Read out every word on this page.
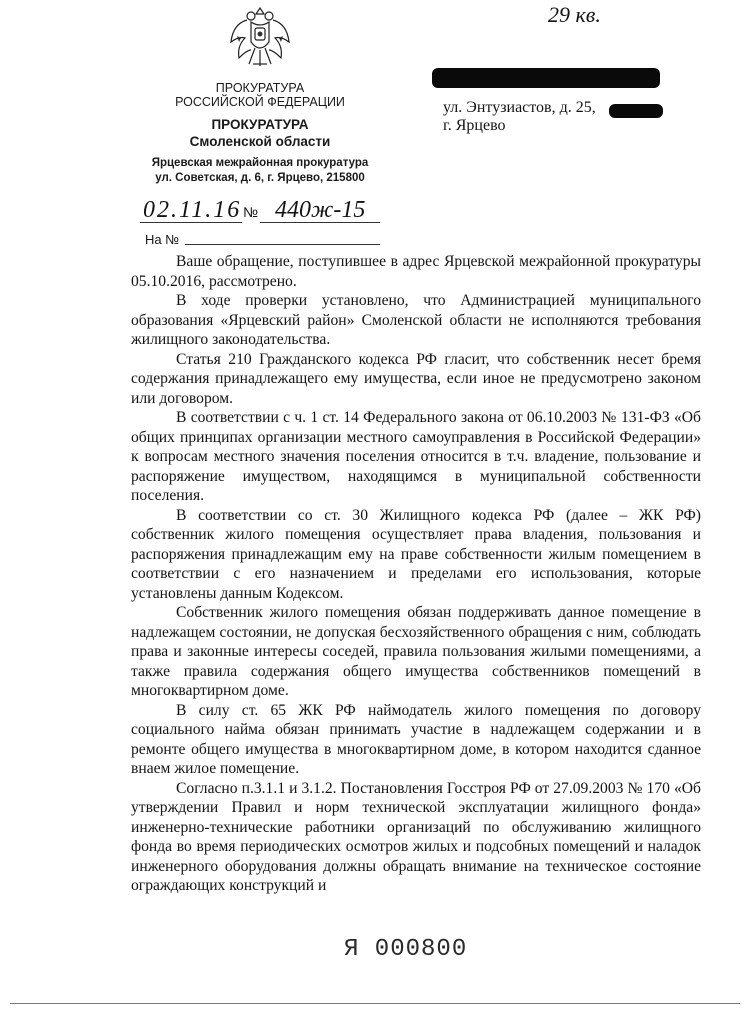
29 кв.
ПРОКУРАТУРА
РОССИЙСКОЙ ФЕДЕРАЦИИ
ПРОКУРАТУРА
Смоленской области
Ярцевская межрайонная прокуратура
ул. Советская, д. 6, г. Ярцево, 215800
02.11.16 № 440ж-15
На №
ул. Энтузиастов, д. 25,
г. Ярцево

Ваше обращение, поступившее в адрес Ярцевской межрайонной прокуратуры 05.10.2016, рассмотрено.

В ходе проверки установлено, что Администрацией муниципального образования «Ярцевский район» Смоленской области не исполняются требования жилищного законодательства.

Статья 210 Гражданского кодекса РФ гласит, что собственник несет бремя содержания принадлежащего ему имущества, если иное не предусмотрено законом или договором.

В соответствии с ч. 1 ст. 14 Федерального закона от 06.10.2003 № 131-ФЗ «Об общих принципах организации местного самоуправления в Российской Федерации» к вопросам местного значения поселения относится в т.ч. владение, пользование и распоряжение имуществом, находящимся в муниципальной собственности поселения.

В соответствии со ст. 30 Жилищного кодекса РФ (далее – ЖК РФ) собственник жилого помещения осуществляет права владения, пользования и распоряжения принадлежащим ему на праве собственности жилым помещением в соответствии с его назначением и пределами его использования, которые установлены данным Кодексом.

Собственник жилого помещения обязан поддерживать данное помещение в надлежащем состоянии, не допуская бесхозяйственного обращения с ним, соблюдать права и законные интересы соседей, правила пользования жилыми помещениями, а также правила содержания общего имущества собственников помещений в многоквартирном доме.

В силу ст. 65 ЖК РФ наймодатель жилого помещения по договору социального найма обязан принимать участие в надлежащем содержании и в ремонте общего имущества в многоквартирном доме, в котором находится сданное внаем жилое помещение.

Согласно п.3.1.1 и 3.1.2. Постановления Госстроя РФ от 27.09.2003 № 170 «Об утверждении Правил и норм технической эксплуатации жилищного фонда» инженерно-технические работники организаций по обслуживанию жилищного фонда во время периодических осмотров жилых и подсобных помещений и наладок инженерного оборудования должны обращать внимание на техническое состояние ограждающих конструкций и

Я 000800
